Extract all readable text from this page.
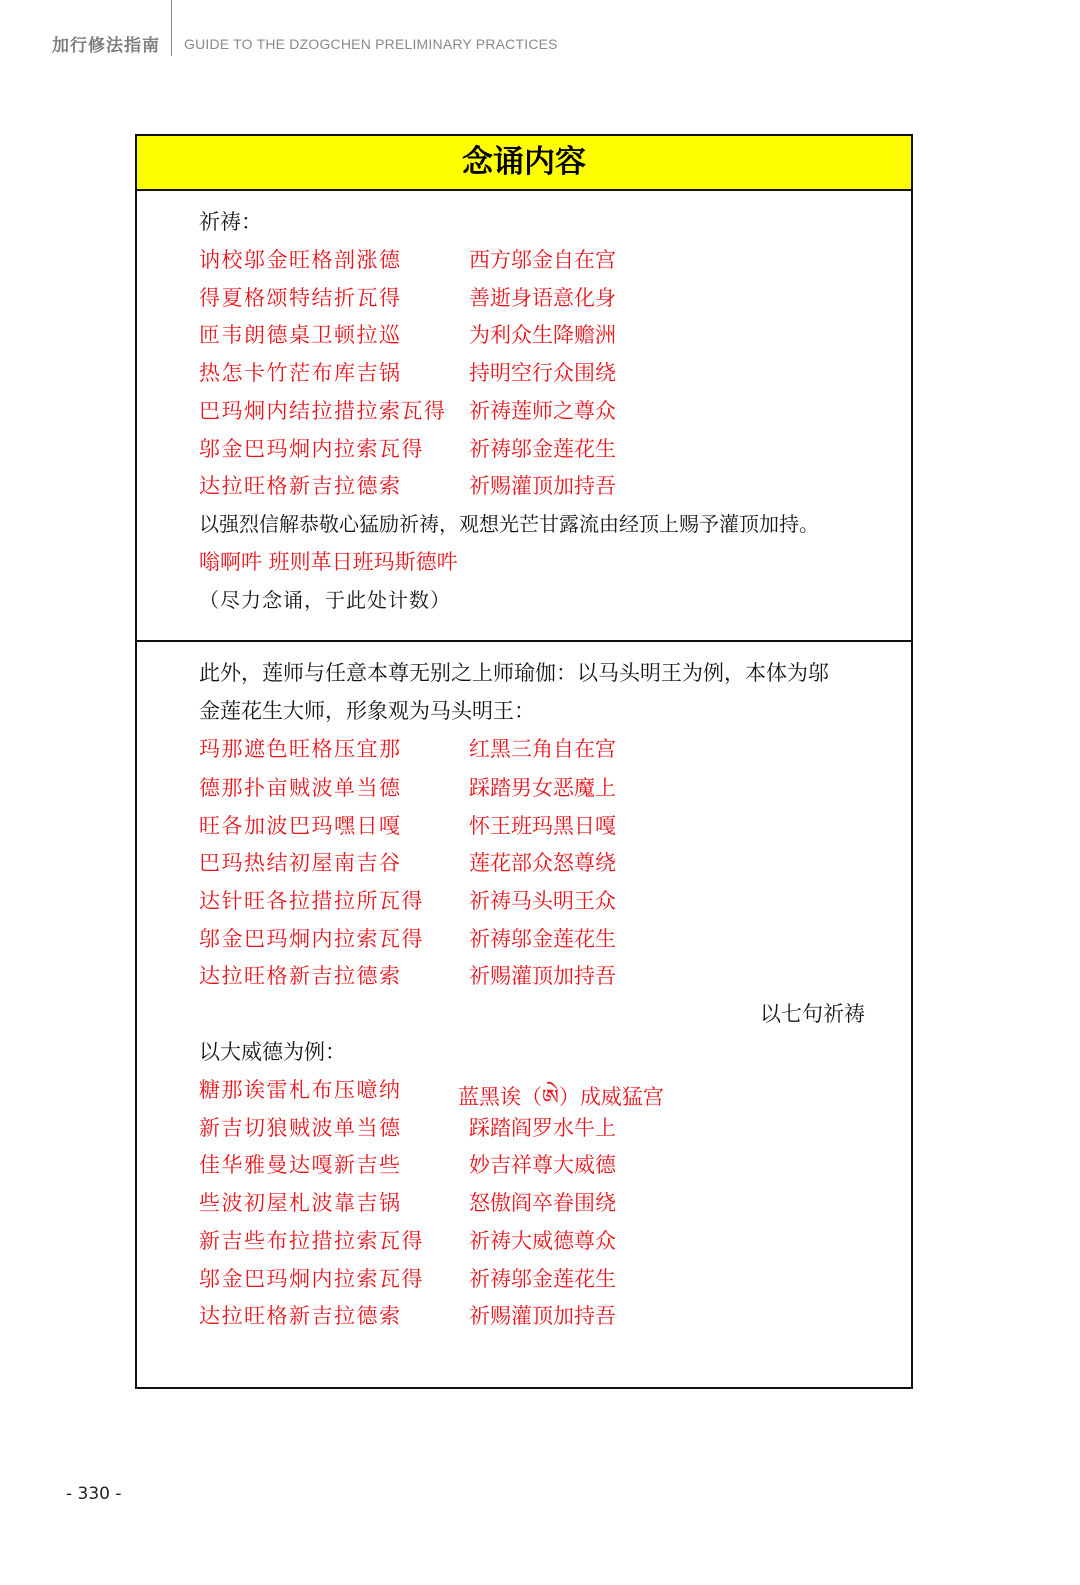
加行修法指南 GUIDE TO THE DZOGCHEN PRELIMINARY PRACTICES
念诵内容
祈祷：
讷校邬金旺格剖涨德	西方邬金自在宫
得夏格颂特结折瓦得	善逝身语意化身
匝韦朗德桌卫顿拉巡	为利众生降赡洲
热怎卡竹茫布库吉锅	持明空行众围绕
巴玛炯内结拉措拉索瓦得 祈祷莲师之尊众
邬金巴玛炯内拉索瓦得 祈祷邬金莲花生
达拉旺格新吉拉德索	祈赐灌顶加持吾
以强烈信解恭敬心猛励祈祷，观想光芒甘露流由经顶上赐予灌顶加持。
嗡啊吽 班则革日班玛斯德吽
（尽力念诵，于此处计数）
此外，莲师与任意本尊无别之上师瑜伽：以马头明王为例，本体为邬
金莲花生大师，形象观为马头明王：
玛那遮色旺格压宜那	红黑三角自在宫
德那扑亩贼波单当德	踩踏男女恶魔上
旺各加波巴玛嘿日嘎	怀王班玛黑日嘎
巴玛热结初屋南吉谷	莲花部众怒尊绕
达针旺各拉措拉所瓦得 祈祷马头明王众
邬金巴玛炯内拉索瓦得 祈祷邬金莲花生
达拉旺格新吉拉德索	祈赐灌顶加持吾
以七句祈祷
以大威德为例：
糖那诶雷札布压噫纳	蓝黑诶（ཨེ）成威猛宫
新吉切狼贼波单当德	踩踏阎罗水牛上
佳华雅曼达嘎新吉些	妙吉祥尊大威德
些波初屋札波靠吉锅	怒傲阎卒眷围绕
新吉些布拉措拉索瓦得 祈祷大威德尊众
邬金巴玛炯内拉索瓦得 祈祷邬金莲花生
达拉旺格新吉拉德索	祈赐灌顶加持吾
- 330 -
